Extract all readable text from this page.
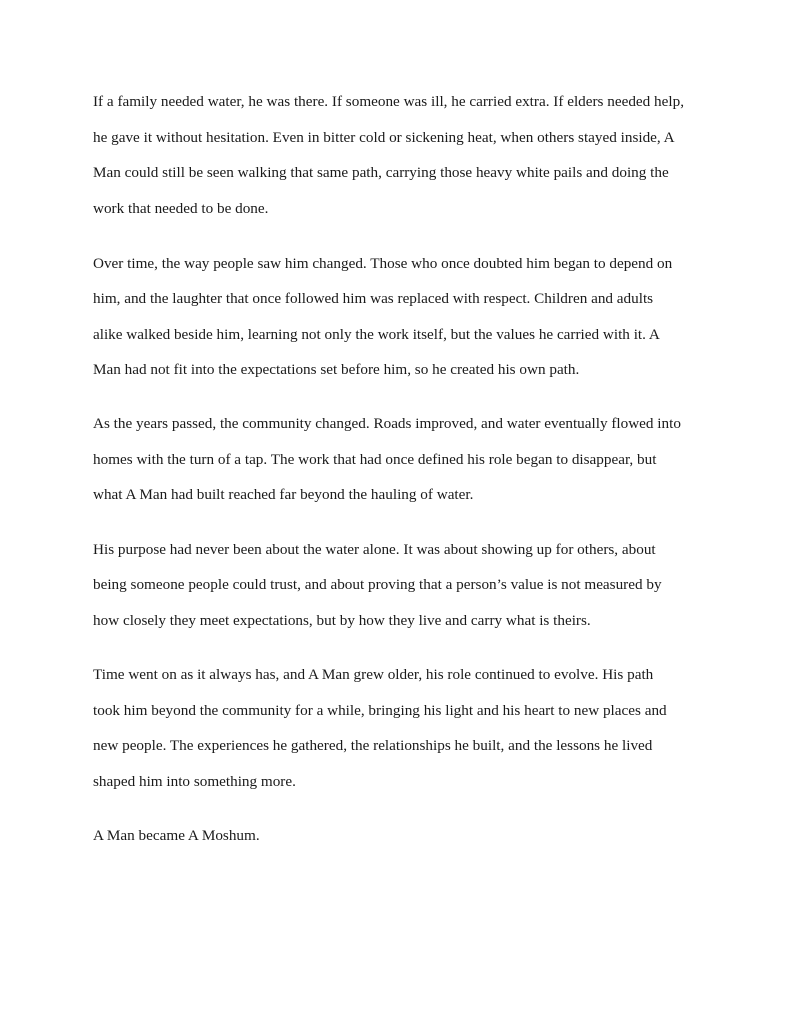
If a family needed water, he was there. If someone was ill, he carried extra. If elders needed help,

he gave it without hesitation. Even in bitter cold or sickening heat, when others stayed inside, A

Man could still be seen walking that same path, carrying those heavy white pails and doing the

work that needed to be done.

Over time, the way people saw him changed. Those who once doubted him began to depend on

him, and the laughter that once followed him was replaced with respect. Children and adults

alike walked beside him, learning not only the work itself, but the values he carried with it. A

Man had not fit into the expectations set before him, so he created his own path.

As the years passed, the community changed. Roads improved, and water eventually flowed into

homes with the turn of a tap. The work that had once defined his role began to disappear, but

what A Man had built reached far beyond the hauling of water.

His purpose had never been about the water alone. It was about showing up for others, about

being someone people could trust, and about proving that a person’s value is not measured by

how closely they meet expectations, but by how they live and carry what is theirs.

Time went on as it always has, and A Man grew older, his role continued to evolve. His path

took him beyond the community for a while, bringing his light and his heart to new places and

new people. The experiences he gathered, the relationships he built, and the lessons he lived

shaped him into something more.

A Man became A Moshum.
